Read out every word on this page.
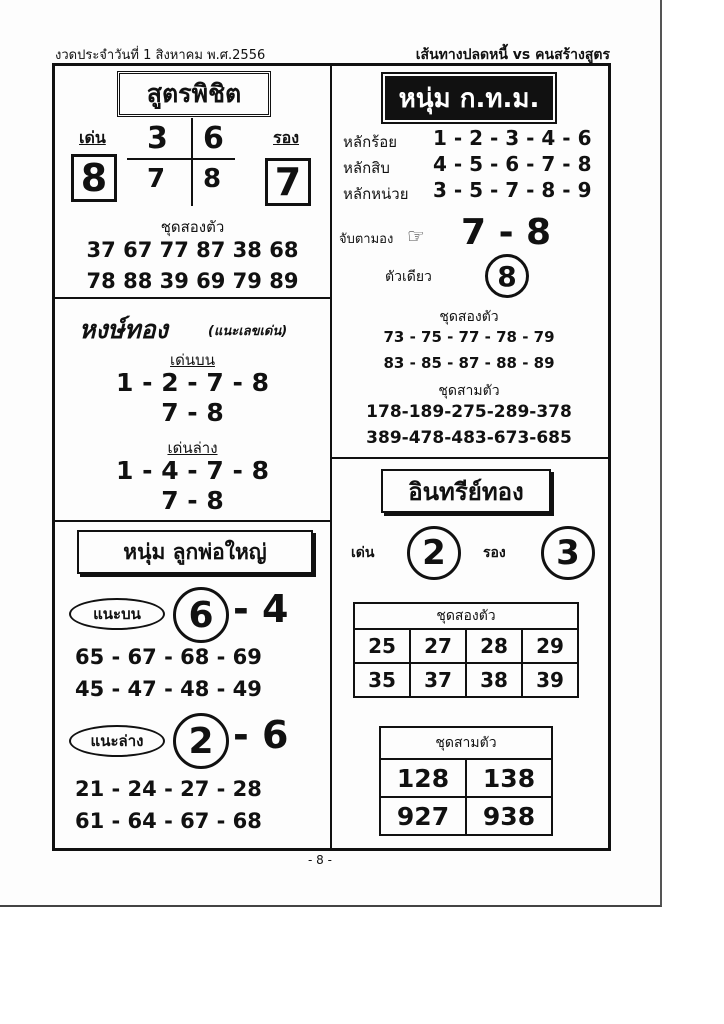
งวดประจำวันที่ 1 สิงหาคม พ.ศ.2556	เส้นทางปลดหนี้ vs คนสร้างสูตร
สูตรพิชิต
เด่น	รอง
8	7
3 6
7 8
ชุดสองตัว
37 67 77 87 38 68
78 88 39 69 79 89
หงษ์ทอง	(แนะเลขเด่น)
เด่นบน
1 - 2 - 7 - 8
7 - 8
เด่นล่าง
1 - 4 - 7 - 8
7 - 8
หนุ่ม ลูกพ่อใหญ่
แนะบน	6 - 4
65 - 67 - 68 - 69
45 - 47 - 48 - 49
แนะล่าง	2 - 6
21 - 24 - 27 - 28
61 - 64 - 67 - 68
หนุ่ม ก.ท.ม.
หลักร้อย 1 - 2 - 3 - 4 - 6
หลักสิบ 4 - 5 - 6 - 7 - 8
หลักหน่วย 3 - 5 - 7 - 8 - 9
จับตามอง ☞ 7 - 8
ตัวเดียว	8
ชุดสองตัว
73 - 75 - 77 - 78 - 79
83 - 85 - 87 - 88 - 89
ชุดสามตัว
178-189-275-289-378
389-478-483-673-685
อินทรีย์ทอง
เด่น	2	รอง	3
ชุดสองตัว			
25	27	28	29
35	37	38	39
ชุดสามตัว	
128	138
927	938
- 8 -
